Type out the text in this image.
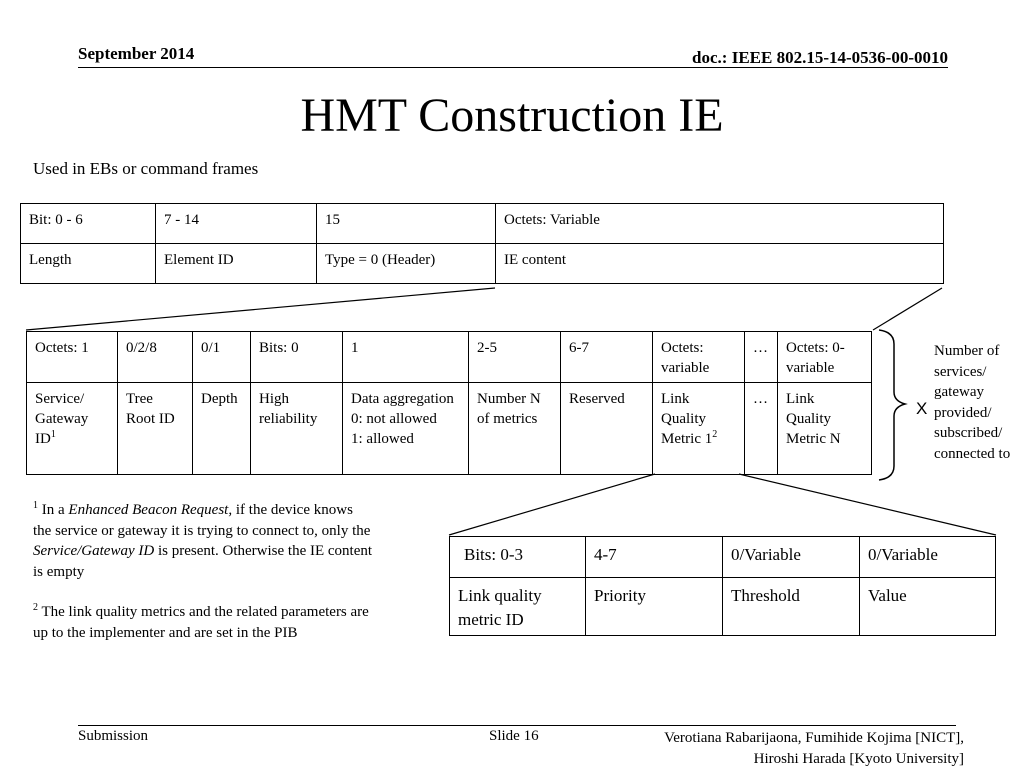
September 2014	doc.: IEEE 802.15-14-0536-00-0010
HMT Construction IE
Used in EBs or command frames
Bit: 0 - 6	7 - 14	15	Octets: Variable
Length	Element ID	Type = 0 (Header)	IE content
Octets: 1	0/2/8	0/1	Bits: 0	1	2-5	6-7	Octets: variable	…	Octets: 0-variable
Service/ Gateway $ID^1$	Tree Root ID	Depth	High reliability	Data aggregation
0: not allowed
1: allowed	Number N of metrics	Reserved	Link Quality Metric $1^2$	…	Link Quality Metric N
X
Number of services/ gateway provided/ subscribed/ connected to

$^1$ In a Enhanced Beacon Request, if the device knows the service or gateway it is trying to connect to, only the Service/Gateway ID is present. Otherwise the IE content is empty

$^2$ The link quality metrics and the related parameters are up to the implementer and are set in the PIB

Bits: 0-3	4-7	0/Variable	0/Variable
Link quality metric ID	Priority	Threshold	Value
Submission	Slide 16	Verotiana Rabarijaona, Fumihide Kojima [NICT],
Hiroshi Harada [Kyoto University]
